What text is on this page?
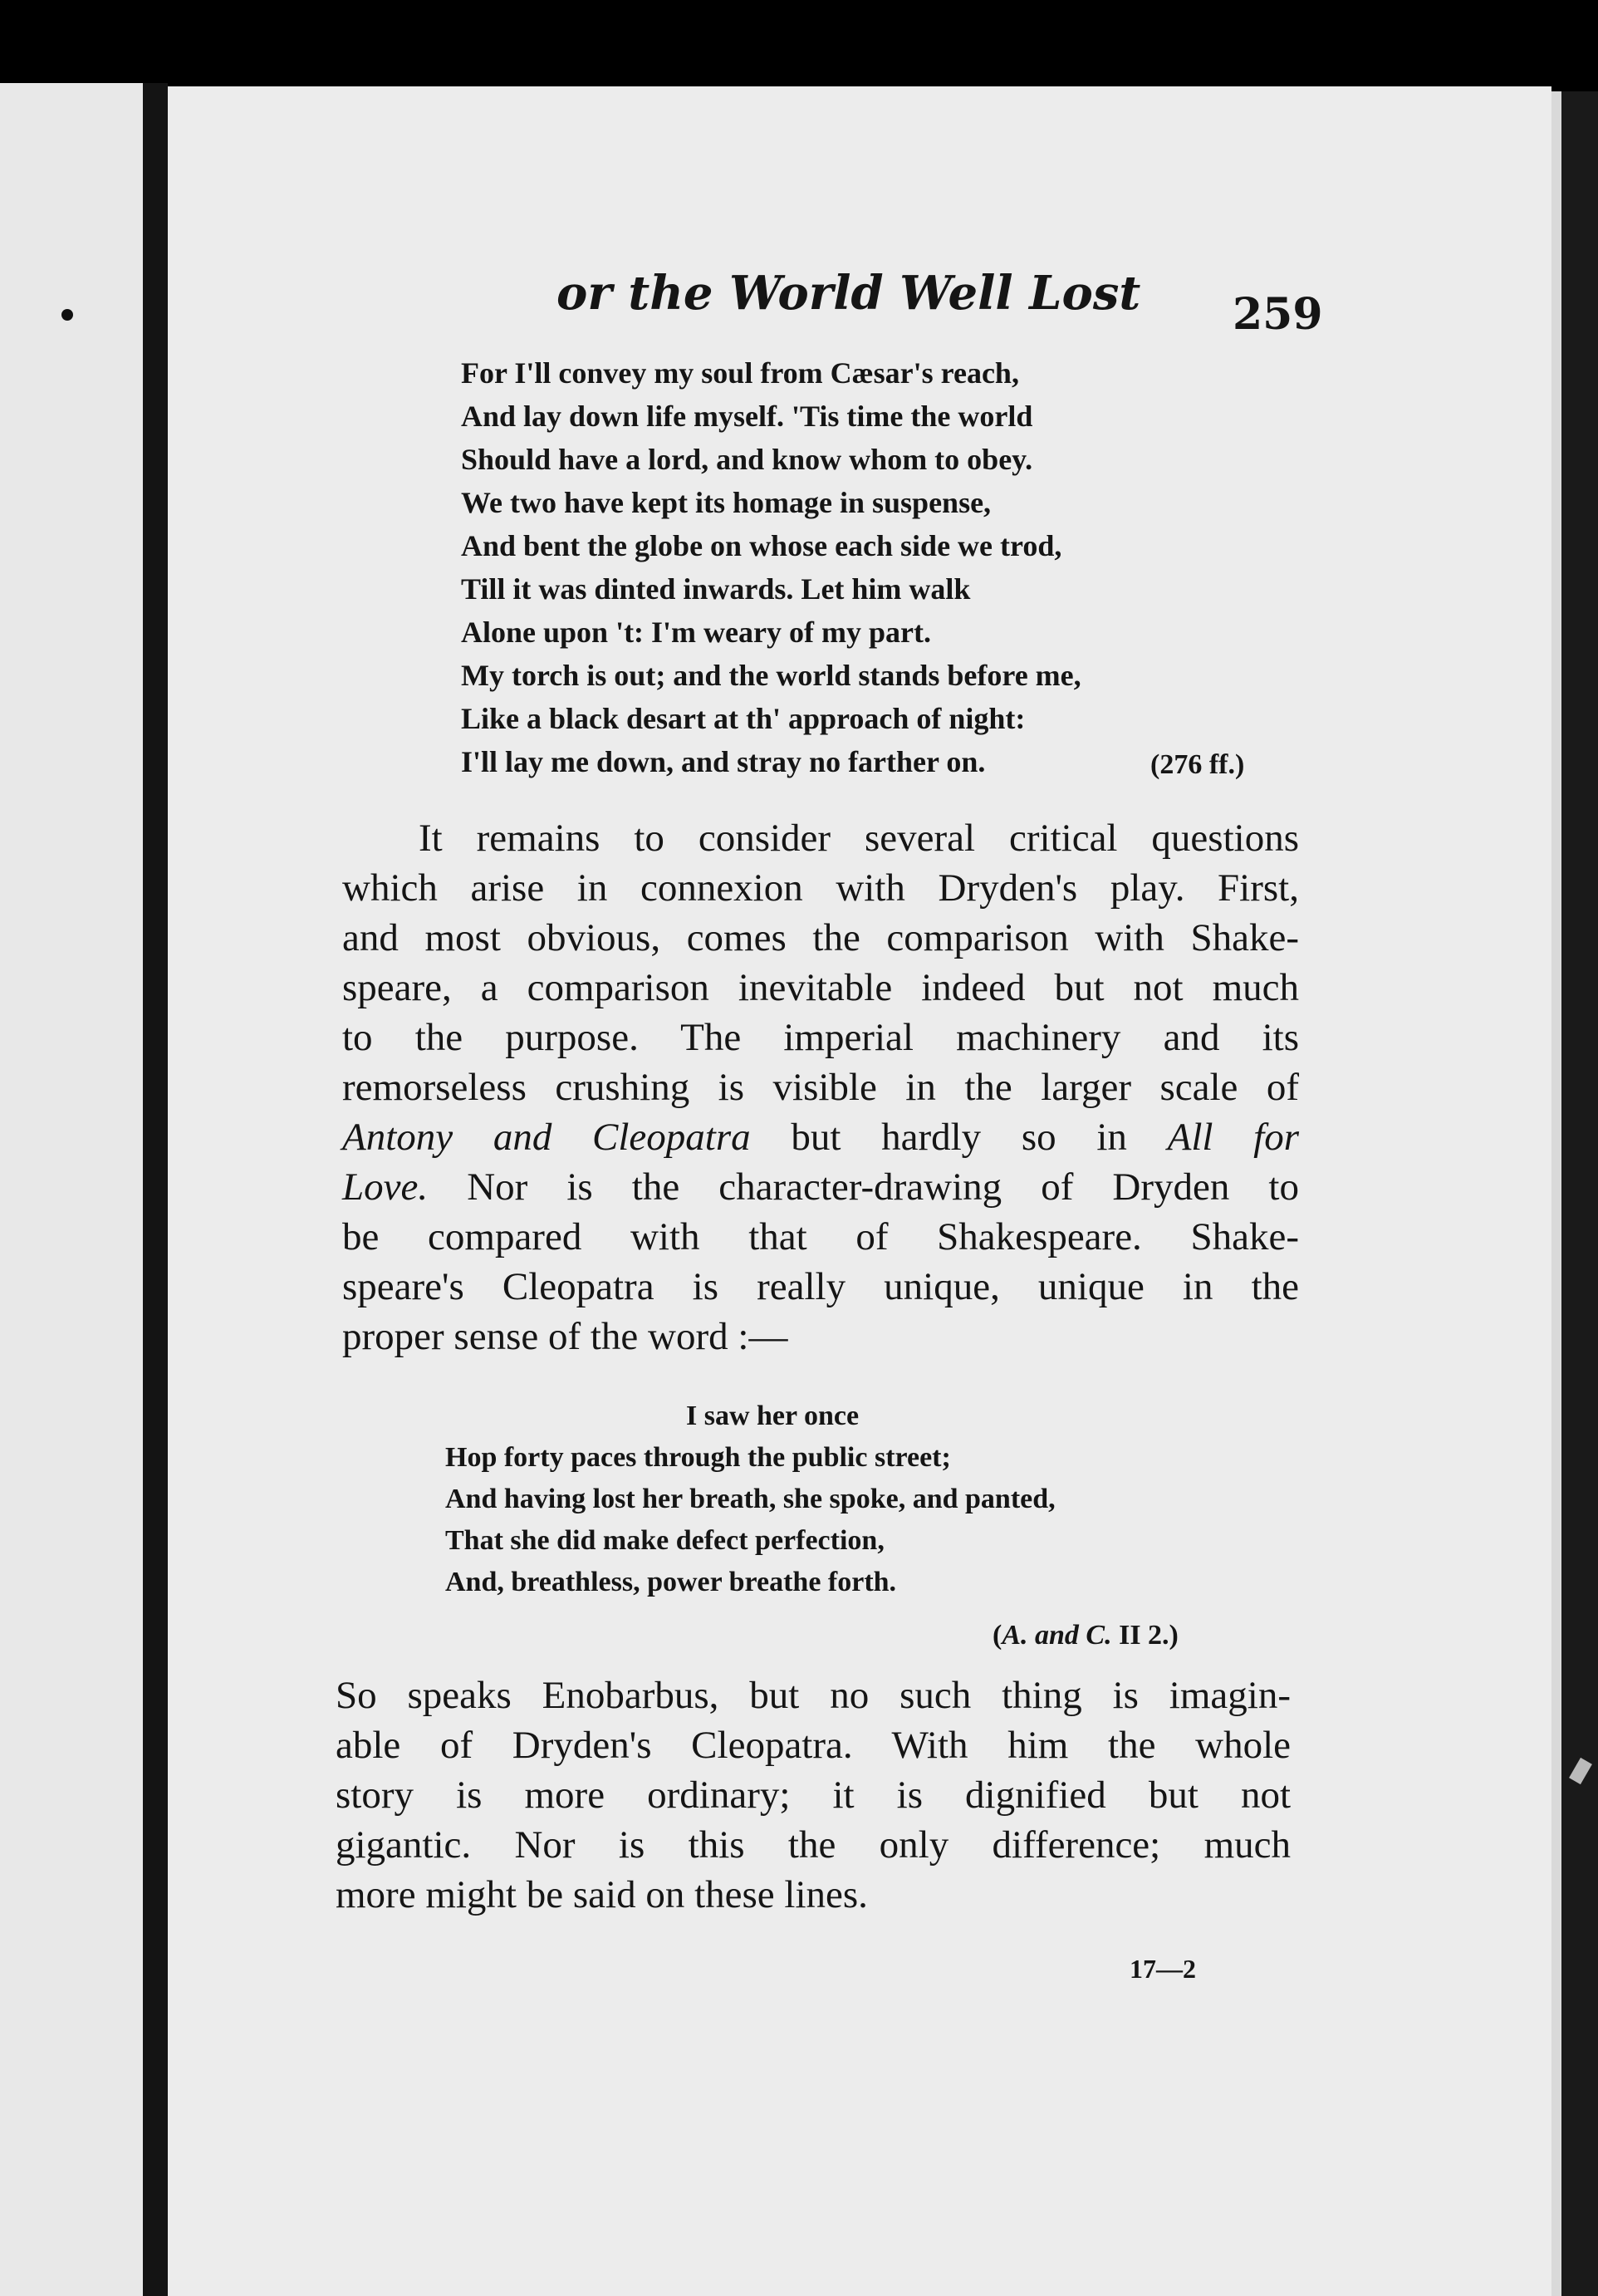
or the World Well Lost 259
For I'll convey my soul from Cæsar's reach,
And lay down life myself. 'Tis time the world
Should have a lord, and know whom to obey.
We two have kept its homage in suspense,
And bent the globe on whose each side we trod,
Till it was dinted inwards. Let him walk
Alone upon 't: I'm weary of my part.
My torch is out; and the world stands before me,
Like a black desart at th' approach of night:
I'll lay me down, and stray no farther on.	(276 ff.)
It remains to consider several critical questions
which arise in connexion with Dryden's play. First,
and most obvious, comes the comparison with Shake-
speare, a comparison inevitable indeed but not much
to the purpose. The imperial machinery and its
remorseless crushing is visible in the larger scale of
Antony and Cleopatra but hardly so in All for
Love. Nor is the character-drawing of Dryden to
be compared with that of Shakespeare. Shake-
speare's Cleopatra is really unique, unique in the
proper sense of the word :—
I saw her once
Hop forty paces through the public street;
And having lost her breath, she spoke, and panted,
That she did make defect perfection,
And, breathless, power breathe forth.
(A. and C. II 2.)
So speaks Enobarbus, but no such thing is imagin-
able of Dryden's Cleopatra. With him the whole
story is more ordinary; it is dignified but not
gigantic. Nor is this the only difference; much
more might be said on these lines.
17—2
